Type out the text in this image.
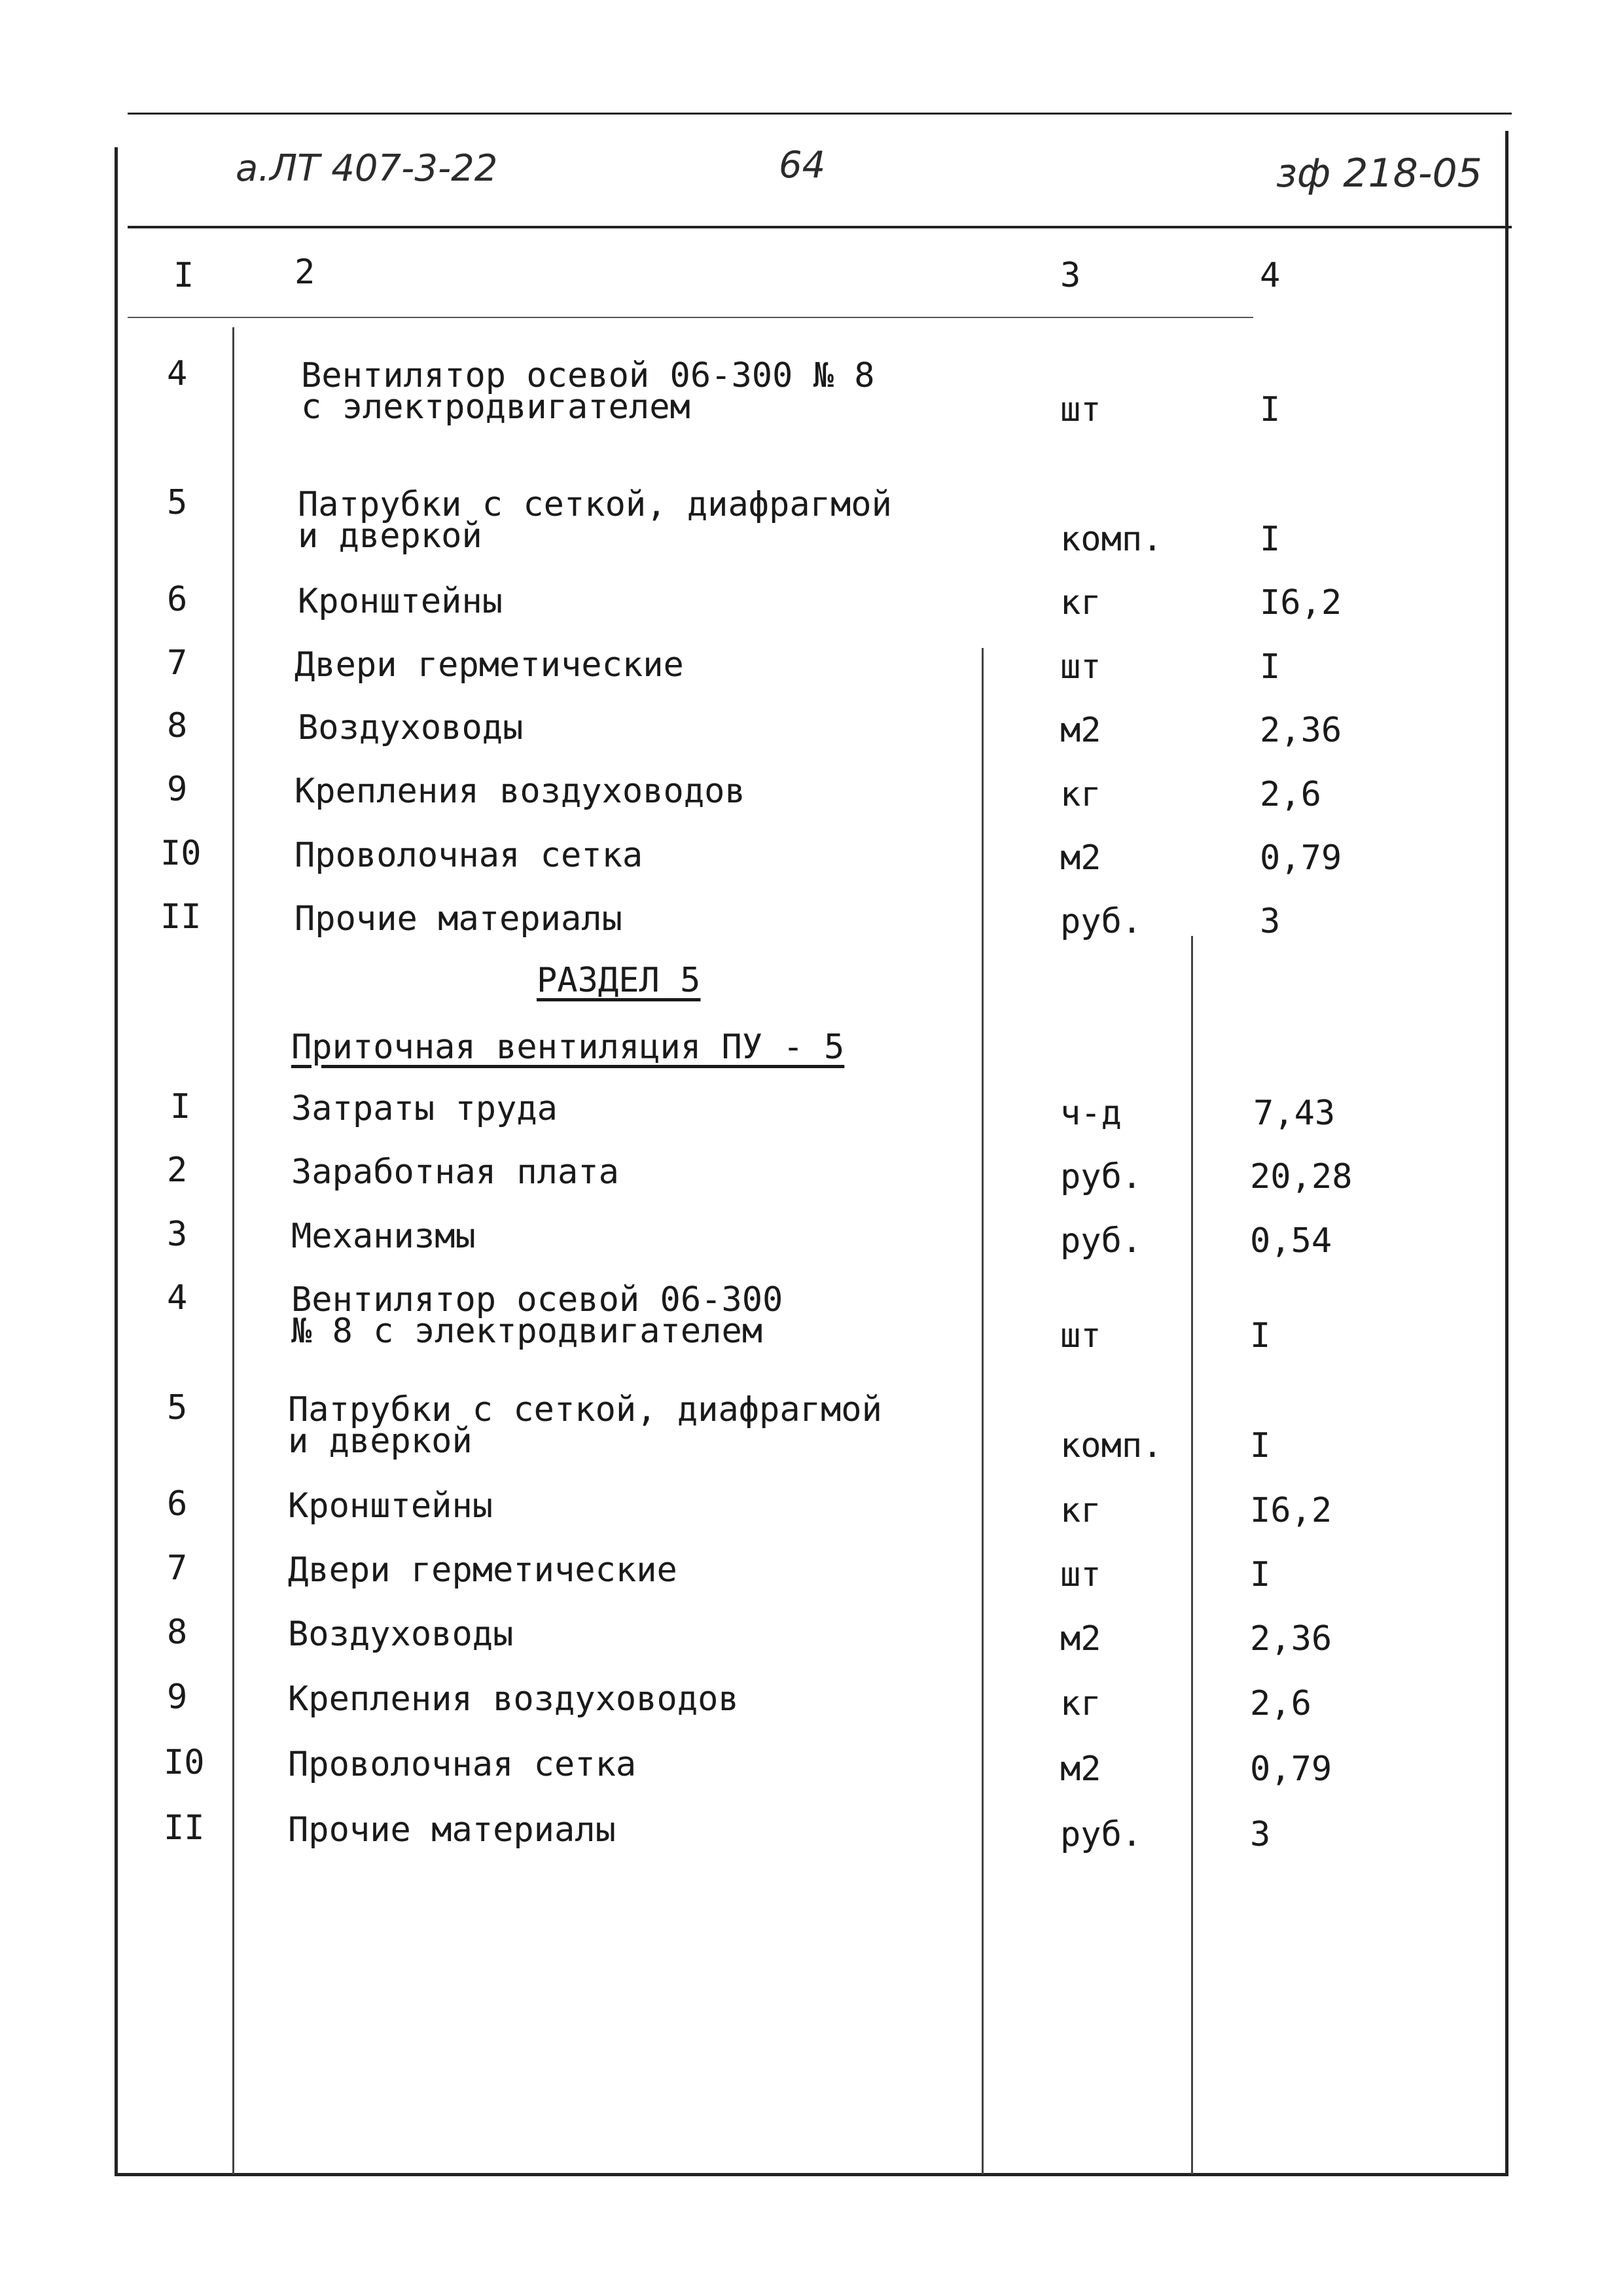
a.ЛТ 407-3-22	64	зф 218-05
I	2	3	4
4	Вентилятор осевой 06-300 № 8
с электродвигателем	шт	I
5	Патрубки с сеткой, диафрагмой
и дверкой	комп.	I
6	Кронштейны	кг	I6,2
7	Двери герметические	шт	I
8	Воздуховоды	м2	2,36
9	Крепления воздуховодов	кг	2,6
I0	Проволочная сетка	м2	0,79
II	Прочие материалы	руб.	3
РАЗДЕЛ 5
Приточная вентиляция ПУ - 5
I	Затраты труда	ч-д	7,43
2	Заработная плата	руб.	20,28
3	Механизмы	руб.	0,54
4	Вентилятор осевой 06-300
№ 8 с электродвигателем	шт	I
5	Патрубки с сеткой, диафрагмой
и дверкой	комп.	I
6	Кронштейны	кг	I6,2
7	Двери герметические	шт	I
8	Воздуховоды	м2	2,36
9	Крепления воздуховодов	кг	2,6
I0 Проволочная сетка	м2	0,79
II Прочие материалы	руб.	3
